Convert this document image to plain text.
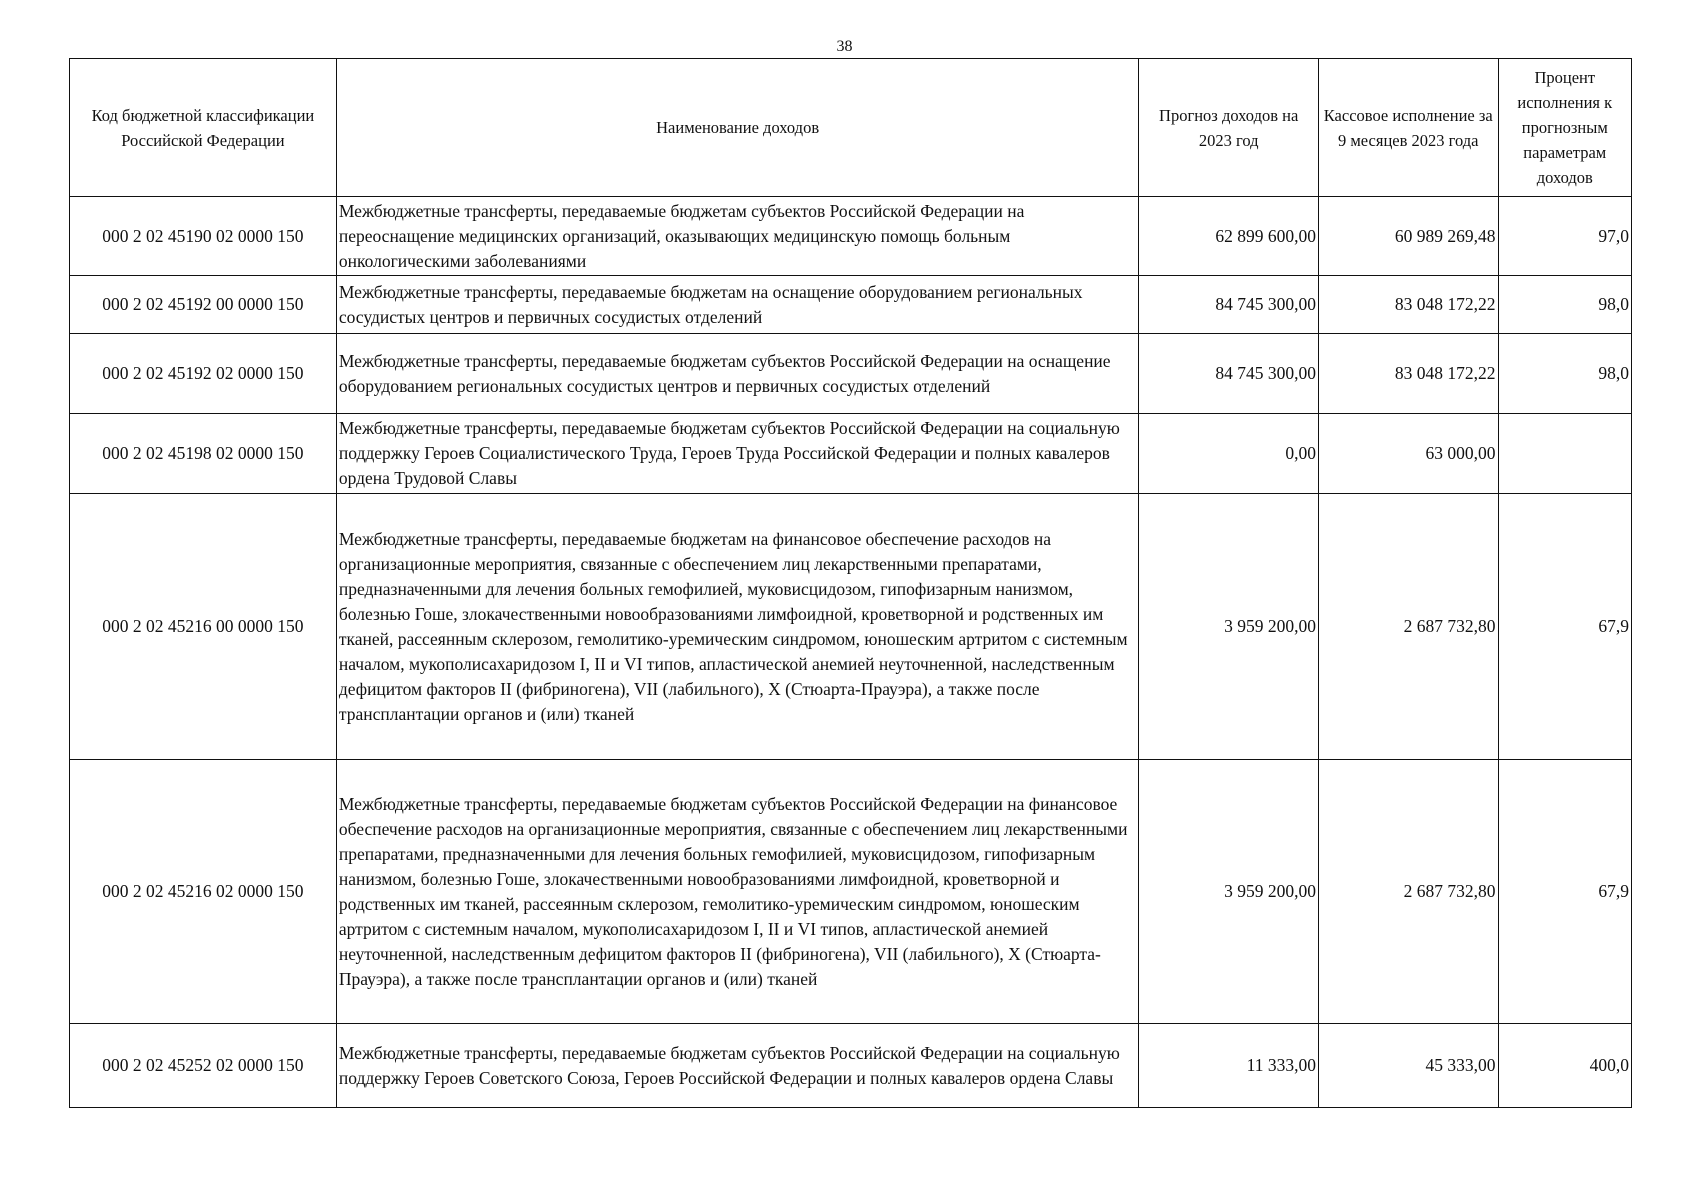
38
Код бюджетной классификации Российской Федерации	Наименование доходов	Прогноз доходов на 2023 год	Кассовое исполнение за 9 месяцев 2023 года	Процент исполнения к прогнозным параметрам доходов
000 2 02 45190 02 0000 150	Межбюджетные трансферты, передаваемые бюджетам субъектов Российской Федерации на переоснащение медицинских организаций, оказывающих медицинскую помощь больным онкологическими заболеваниями	62 899 600,00	60 989 269,48	97,0
000 2 02 45192 00 0000 150	Межбюджетные трансферты, передаваемые бюджетам на оснащение оборудованием региональных сосудистых центров и первичных сосудистых отделений	84 745 300,00	83 048 172,22	98,0
000 2 02 45192 02 0000 150	Межбюджетные трансферты, передаваемые бюджетам субъектов Российской Федерации на оснащение оборудованием региональных сосудистых центров и первичных сосудистых отделений	84 745 300,00	83 048 172,22	98,0
000 2 02 45198 02 0000 150	Межбюджетные трансферты, передаваемые бюджетам субъектов Российской Федерации на социальную поддержку Героев Социалистического Труда, Героев Труда Российской Федерации и полных кавалеров ордена Трудовой Славы	0,00	63 000,00	
000 2 02 45216 00 0000 150	Межбюджетные трансферты, передаваемые бюджетам на финансовое обеспечение расходов на организационные мероприятия, связанные с обеспечением лиц лекарственными препаратами, предназначенными для лечения больных гемофилией, муковисцидозом, гипофизарным нанизмом, болезнью Гоше, злокачественными новообразованиями лимфоидной, кроветворной и родственных им тканей, рассеянным склерозом, гемолитико-уремическим синдромом, юношеским артритом с системным началом, мукополисахаридозом I, II и VI типов, апластической анемией неуточненной, наследственным дефицитом факторов II (фибриногена), VII (лабильного), X (Стюарта-Прауэра), а также после трансплантации органов и (или) тканей	3 959 200,00	2 687 732,80	67,9
000 2 02 45216 02 0000 150	Межбюджетные трансферты, передаваемые бюджетам субъектов Российской Федерации на финансовое обеспечение расходов на организационные мероприятия, связанные с обеспечением лиц лекарственными препаратами, предназначенными для лечения больных гемофилией, муковисцидозом, гипофизарным нанизмом, болезнью Гоше, злокачественными новообразованиями лимфоидной, кроветворной и родственных им тканей, рассеянным склерозом, гемолитико-уремическим синдромом, юношеским артритом с системным началом, мукополисахаридозом I, II и VI типов, апластической анемией неуточненной, наследственным дефицитом факторов II (фибриногена), VII (лабильного), X (Стюарта-Прауэра), а также после трансплантации органов и (или) тканей	3 959 200,00	2 687 732,80	67,9
000 2 02 45252 02 0000 150	Межбюджетные трансферты, передаваемые бюджетам субъектов Российской Федерации на социальную поддержку Героев Советского Союза, Героев Российской Федерации и полных кавалеров ордена Славы	11 333,00	45 333,00	400,0
